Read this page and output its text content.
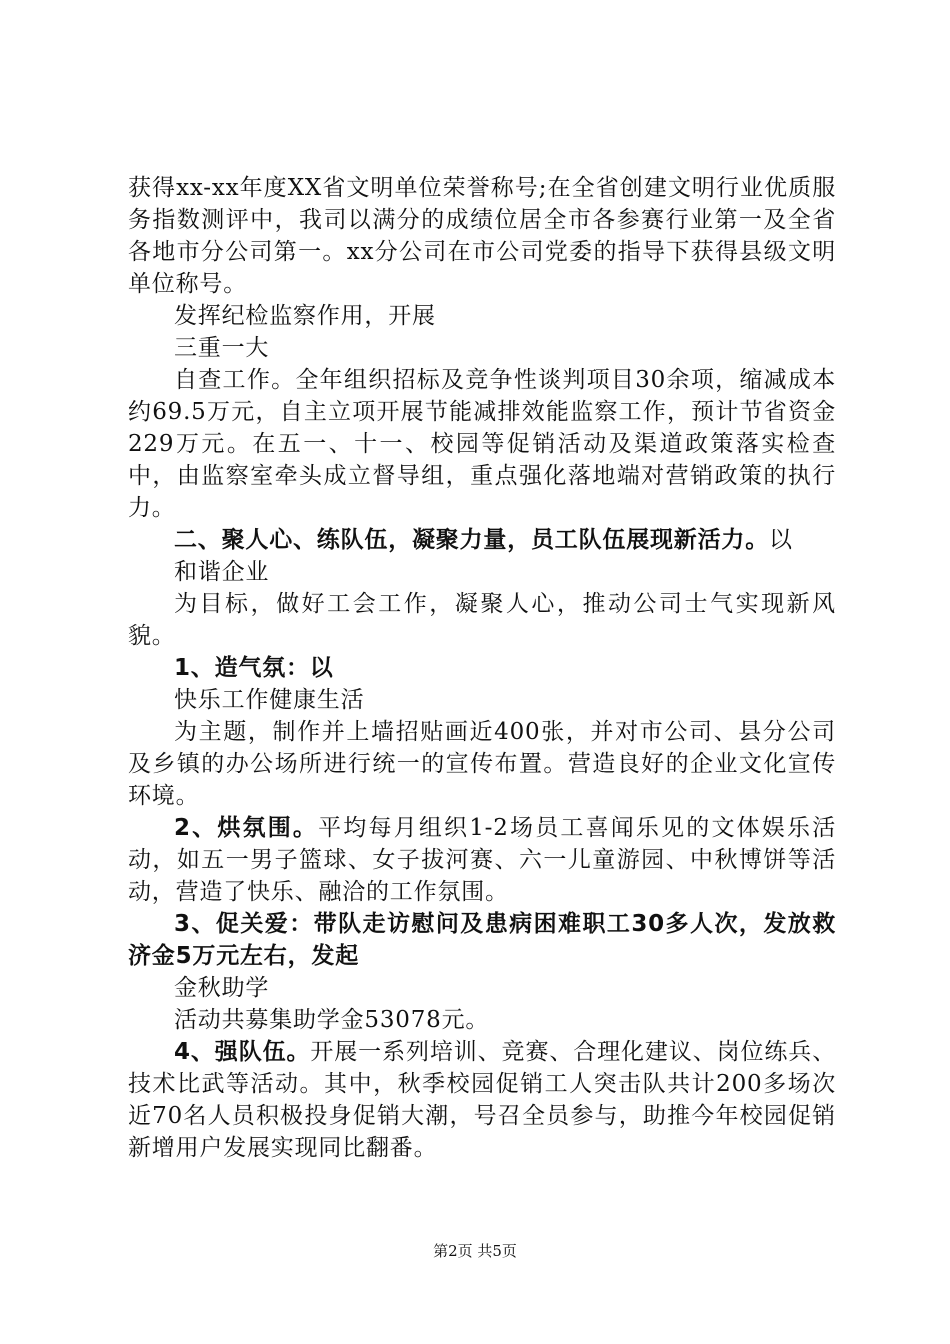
获得xx-xx年度XX省文明单位荣誉称号;在全省创建文明行业优质服务指数测评中，我司以满分的成绩位居全市各参赛行业第一及全省各地市分公司第一。xx分公司在市公司党委的指导下获得县级文明单位称号。

发挥纪检监察作用，开展

三重一大

自查工作。全年组织招标及竞争性谈判项目30余项，缩减成本约69.5万元，自主立项开展节能减排效能监察工作，预计节省资金229万元。在五一、十一、校园等促销活动及渠道政策落实检查中，由监察室牵头成立督导组，重点强化落地端对营销政策的执行力。

二、聚人心、练队伍，凝聚力量，员工队伍展现新活力。以

和谐企业

为目标，做好工会工作，凝聚人心，推动公司士气实现新风貌。

1、造气氛：以

快乐工作健康生活

为主题，制作并上墙招贴画近400张，并对市公司、县分公司及乡镇的办公场所进行统一的宣传布置。营造良好的企业文化宣传环境。

2、烘氛围。平均每月组织1-2场员工喜闻乐见的文体娱乐活动，如五一男子篮球、女子拔河赛、六一儿童游园、中秋博饼等活动，营造了快乐、融洽的工作氛围。

3、促关爱：带队走访慰问及患病困难职工30多人次，发放救济金5万元左右，发起

金秋助学

活动共募集助学金53078元。

4、强队伍。开展一系列培训、竞赛、合理化建议、岗位练兵、技术比武等活动。其中，秋季校园促销工人突击队共计200多场次近70名人员积极投身促销大潮，号召全员参与，助推今年校园促销新增用户发展实现同比翻番。

第2页 共5页
